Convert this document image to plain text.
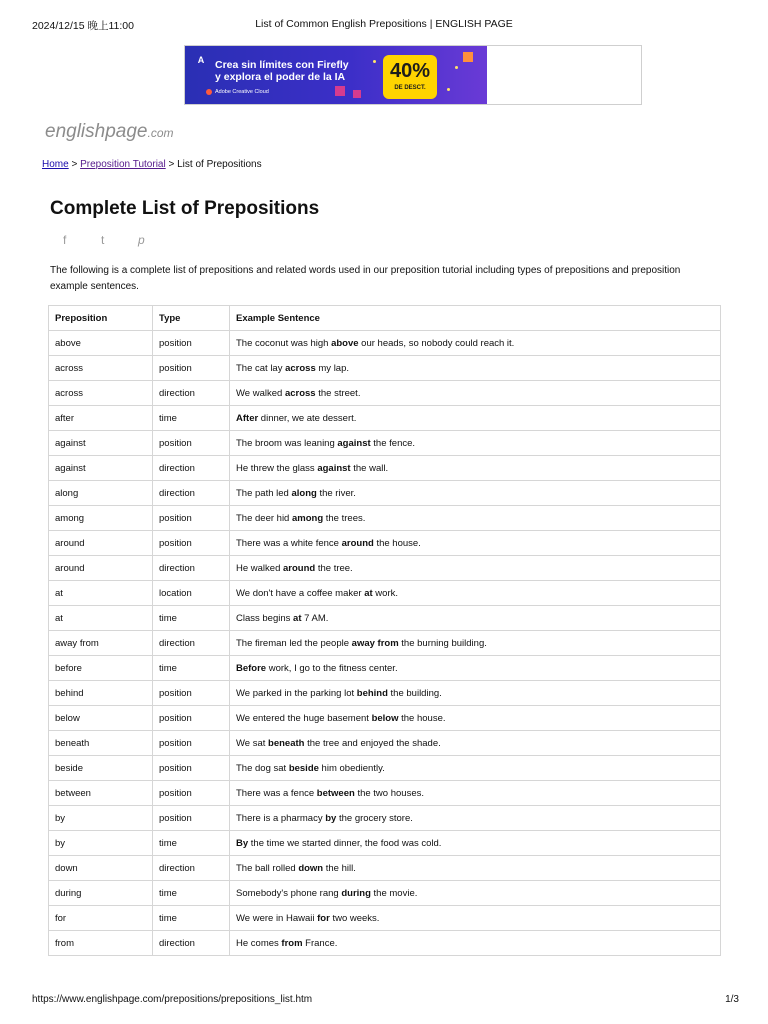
2024/12/15 晚上11:00	List of Common English Prepositions | ENGLISH PAGE
A Crea sin límites con Firefly
y explora el poder de la IA
Adobe Creative Cloud
40%
DE DESCT.
englishpage.com
Home > Preposition Tutorial > List of Prepositions
Complete List of Prepositions
f	t	p

The following is a complete list of prepositions and related words used in our preposition tutorial including types of prepositions and preposition example sentences.

Preposition	Type	Example Sentence
above	position	The coconut was high above our heads, so nobody could reach it.
across	position	The cat lay across my lap.
across	direction	We walked across the street.
after	time	After dinner, we ate dessert.
against	position	The broom was leaning against the fence.
against	direction	He threw the glass against the wall.
along	direction	The path led along the river.
among	position	The deer hid among the trees.
around	position	There was a white fence around the house.
around	direction	He walked around the tree.
at	location	We don't have a coffee maker at work.
at	time	Class begins at 7 AM.
away from	direction	The fireman led the people away from the burning building.
before	time	Before work, I go to the fitness center.
behind	position	We parked in the parking lot behind the building.
below	position	We entered the huge basement below the house.
beneath	position	We sat beneath the tree and enjoyed the shade.
beside	position	The dog sat beside him obediently.
between	position	There was a fence between the two houses.
by	position	There is a pharmacy by the grocery store.
by	time	By the time we started dinner, the food was cold.
down	direction	The ball rolled down the hill.
during	time	Somebody's phone rang during the movie.
for	time	We were in Hawaii for two weeks.
from	direction	He comes from France.
https://www.englishpage.com/prepositions/prepositions_list.htm	1/3
